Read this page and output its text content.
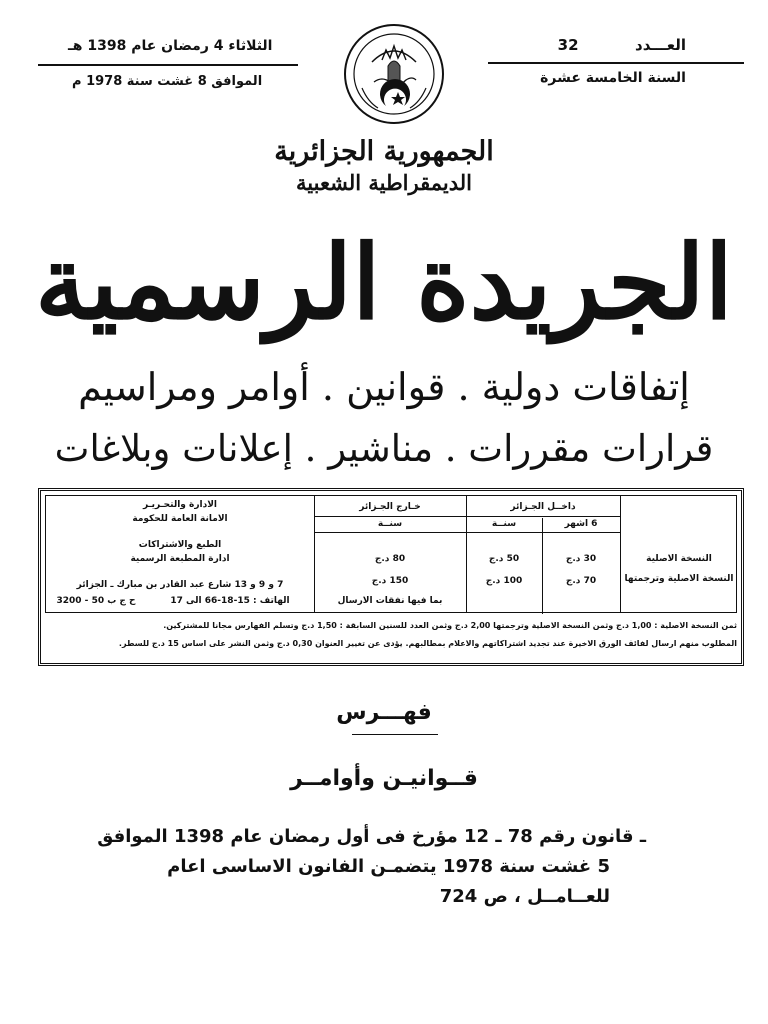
العـــدد  32
السنة الخامسة عشرة
الثلاثاء 4 رمضان عام 1398 هـ
الموافق 8 غشت سنة 1978 م
الجمهورية الجزائرية
الديمقراطية الشعبية
الجريدة الرسمية
إتفاقات دولية . قوانين . أوامر ومراسيم
قرارات مقررات . مناشير . إعلانات وبلاغات
داخــل الجـزائر
خـارج الجـزائر
6 اشهر
سنــة
سنــة
النسخة الاصلية
النسخة الاصلية وترجمتها
30 د.ج
70 د.ج
50 د.ج
100 د.ج
80 د.ج
150 د.ج
بما فيها نفقات الارسال
الادارة والتحـريـر
الامانة العامة للحكومة
الطبع والاشتراكات
ادارة المطبعة الرسمية
7 و 9 و 13 شارع عبد القادر بن مبارك ـ الجزائر
الهاتف : 15-18-66 الى 17
ح ج ب 50 - 3200
ثمن النسخة الاصلية : 1,00 د.ج وثمن النسخة الاصلية وترجمتها 2,00 د.ج وثمن العدد للسنين السابقة : 1,50 د.ج وتسلم الفهارس مجانا للمشتركين.
المطلوب منهم ارسال لفائف الورق الاخيرة عند تجديد اشتراكاتهم والاعلام بمطالبهم. يؤدى عن تغيير العنوان 0,30 د.ج وثمن النشر على اساس 15 د.ج للسطر.
فهـــرس
قــوانيـن وأوامــر
ـ قانون رقم 78 ـ 12 مؤرخ فى أول رمضان عام 1398 الموافق
5 غشت سنة 1978 يتضمـن الفانون الاساسى اعام
للعــامــل ، ص 724
